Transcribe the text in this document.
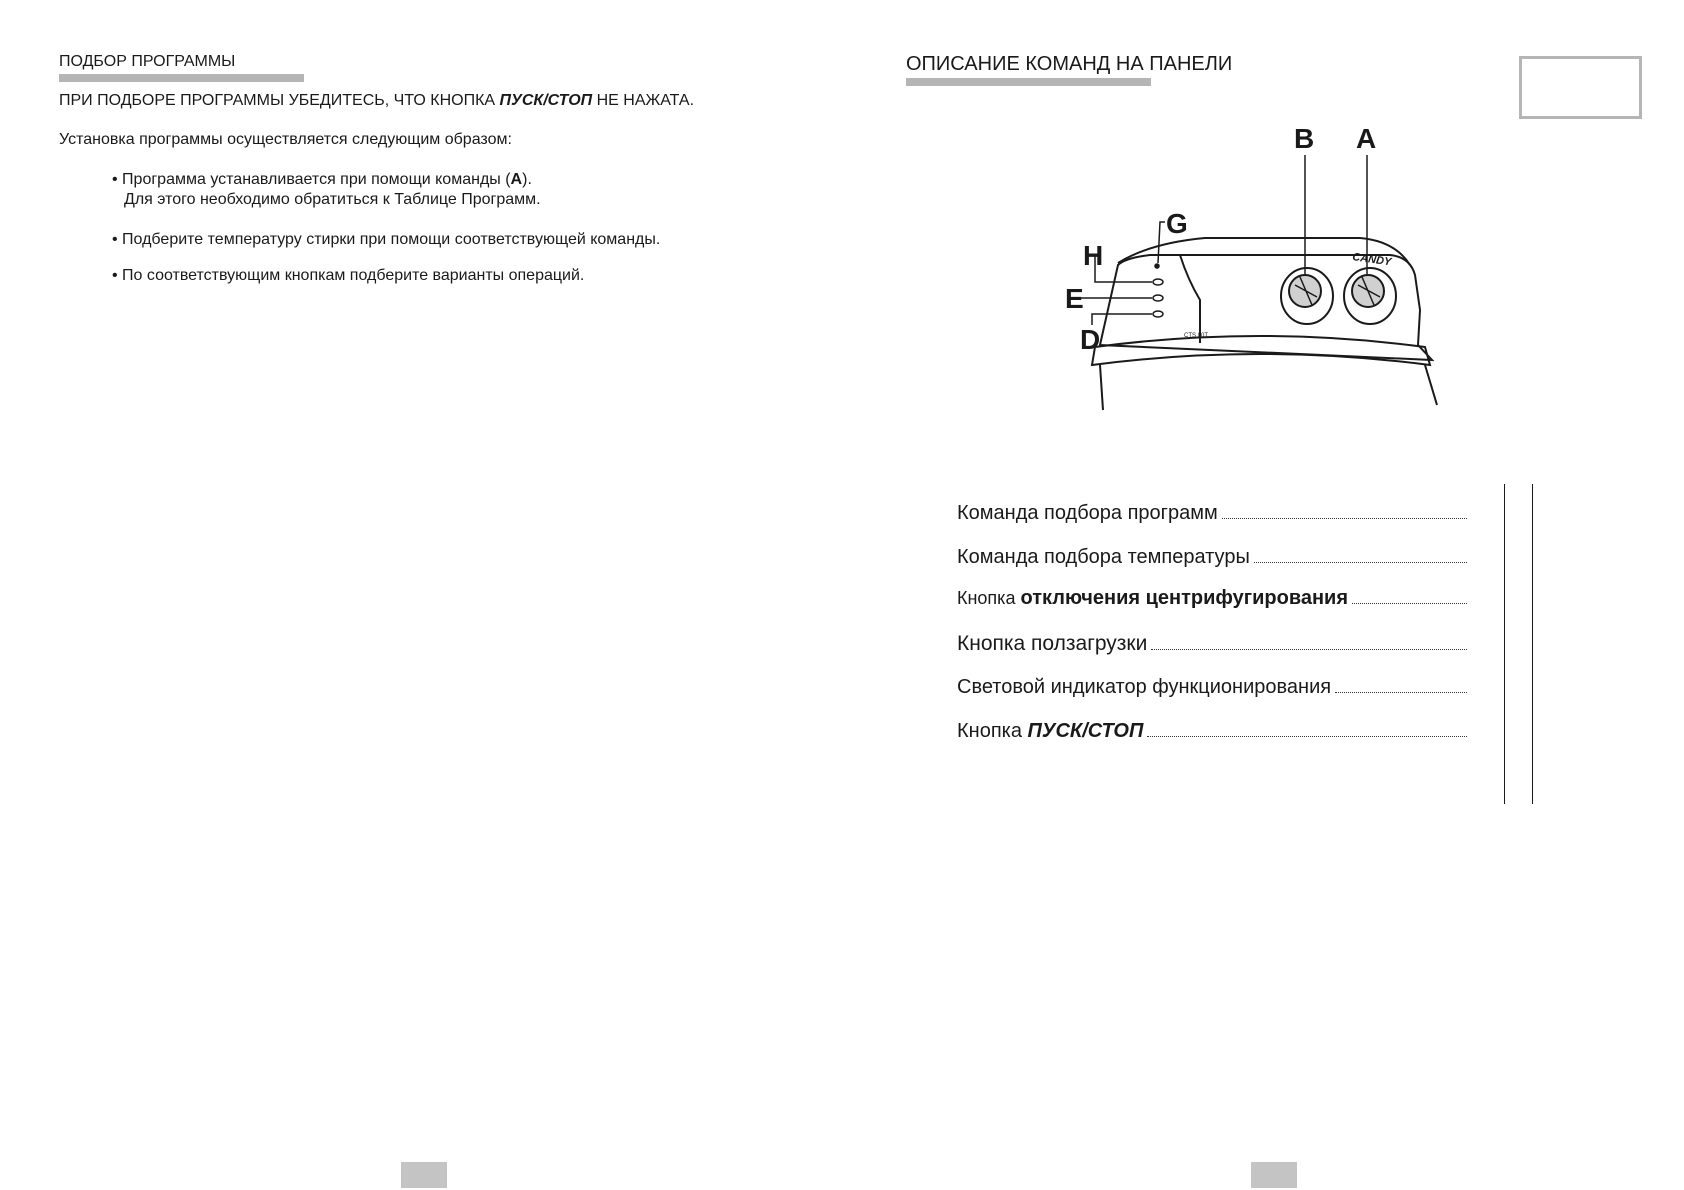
ПОДБОР ПРОГРАММЫ
ПРИ ПОДБОРЕ ПРОГРАММЫ УБЕДИТЕСЬ, ЧТО КНОПКА ПУСК/СТОП НЕ НАЖАТА.
Установка программы осуществляется следующим образом:
• Программа устанавливается при помощи команды (A).
Для этого необходимо обратиться к Таблице Программ.
• Подберите температуру стирки при помощи соответствующей команды.
• По соответствующим кнопкам подберите варианты операций.
ОПИСАНИЕ КОМАНД НА ПАНЕЛИ
CANDY
CTS 80T
B A
G
H
E
D
Команда подбора программ
Команда подбора температуры
Кнопка отключения центрифугирования
Кнопка ползагрузки
Световой индикатор функционирования
Кнопка ПУСК/СТОП
